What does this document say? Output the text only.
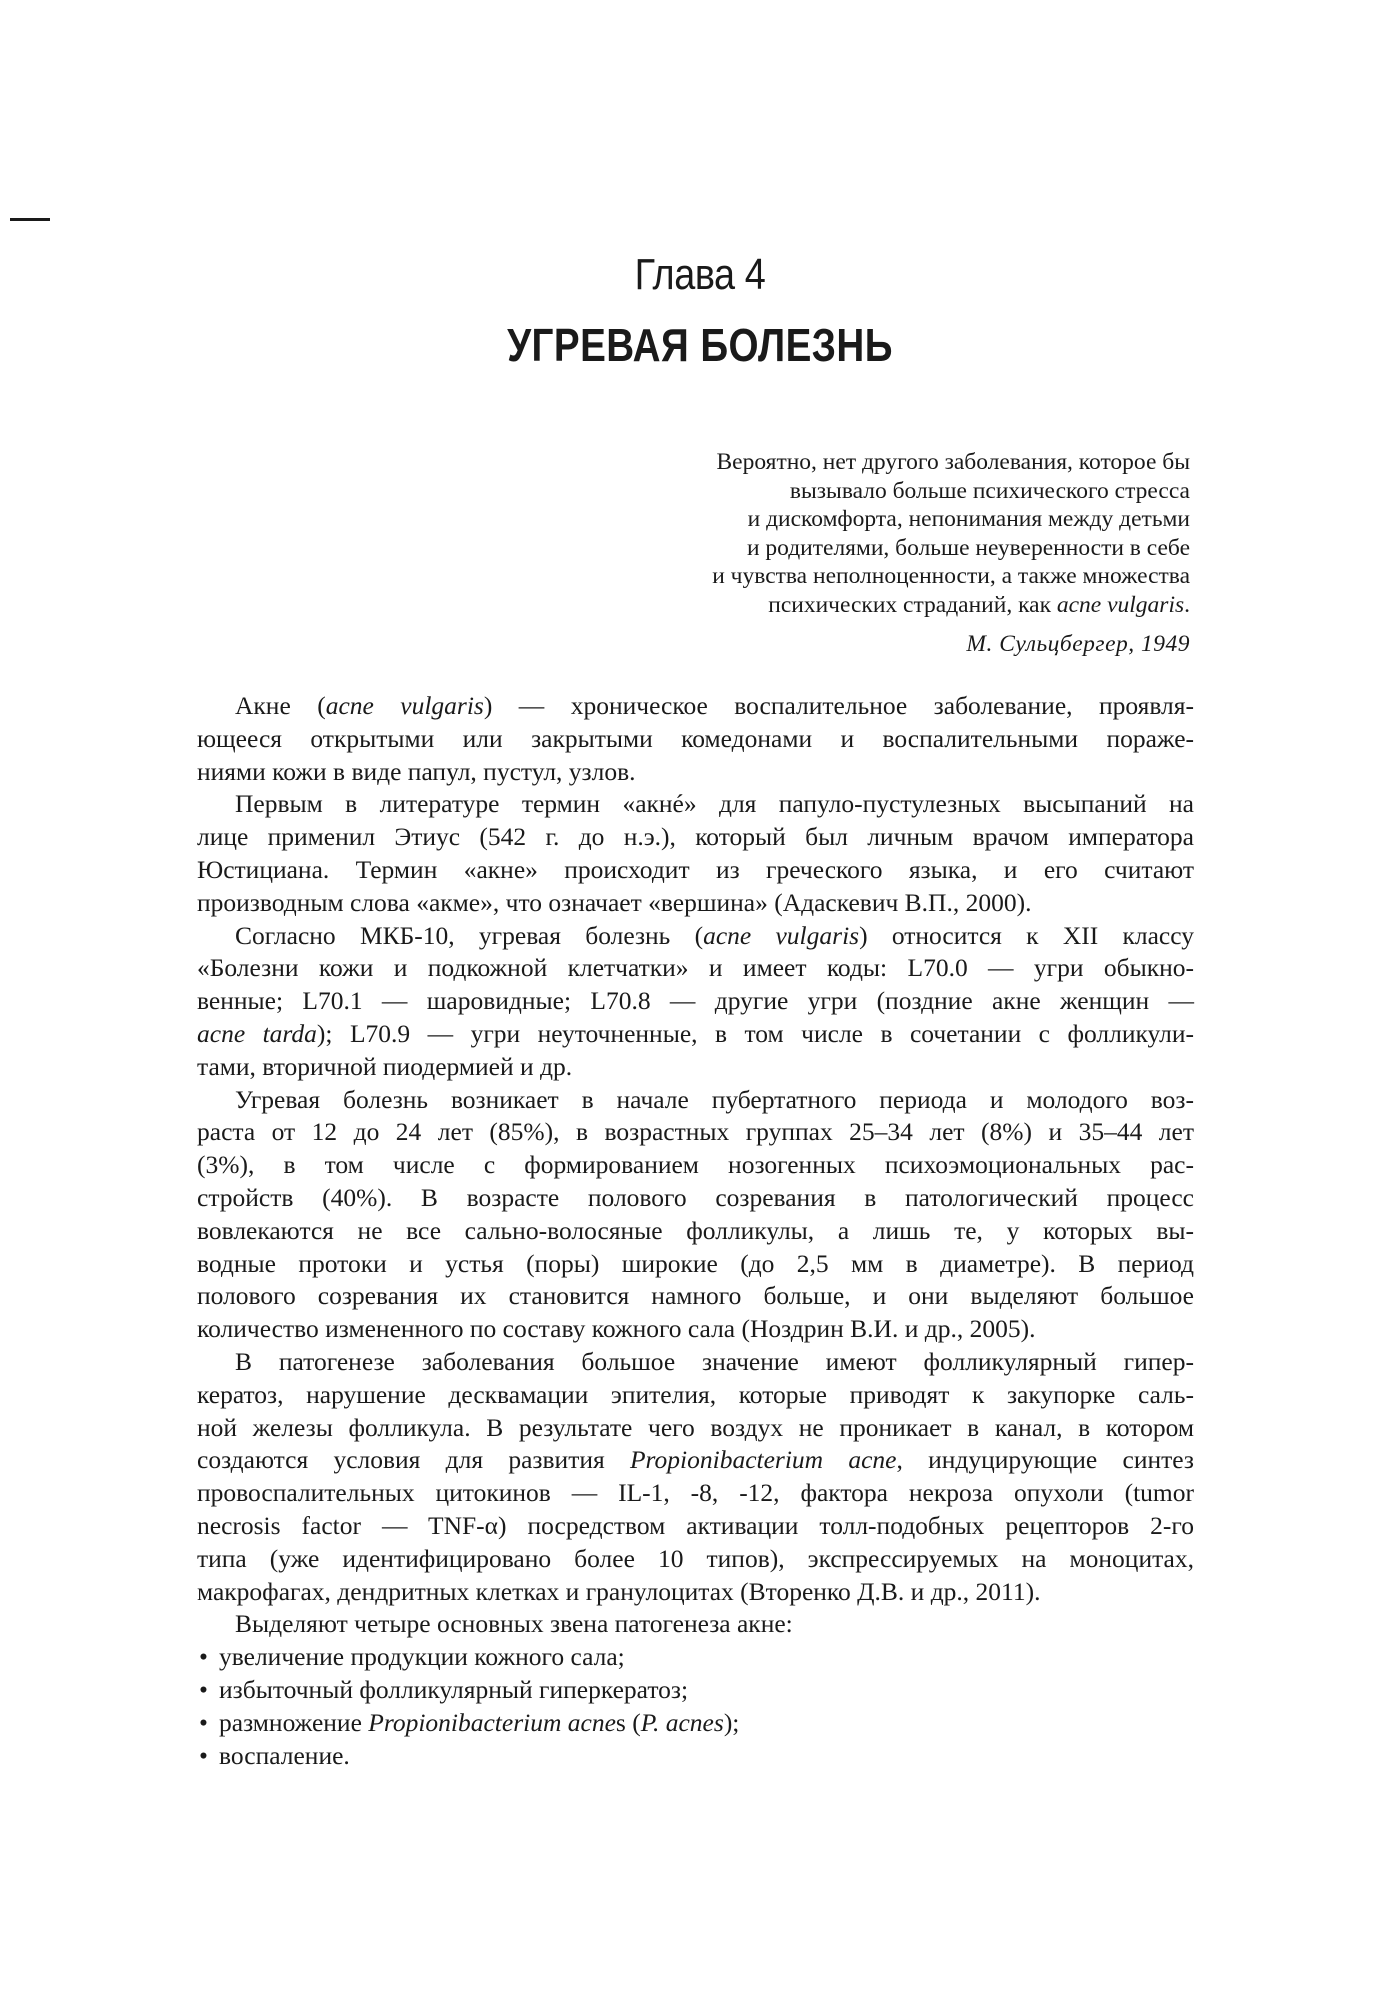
Глава 4
УГРЕВАЯ БОЛЕЗНЬ
Вероятно, нет другого заболевания, которое бы
вызывало больше психического стресса
и дискомфорта, непонимания между детьми
и родителями, больше неуверенности в себе
и чувства неполноценности, а также множества
психических страданий, как acne vulgaris.
М. Сульцбергер, 1949
Акне (acne vulgaris) — хроническое воспалительное заболевание, проявля-
ющееся открытыми или закрытыми комедонами и воспалительными пораже-
ниями кожи в виде папул, пустул, узлов.
Первым в литературе термин «акнé» для папуло-пустулезных высыпаний на
лице применил Этиус (542 г. до н.э.), который был личным врачом императора
Юстициана. Термин «акне» происходит из греческого языка, и его считают
производным слова «акме», что означает «вершина» (Адаскевич В.П., 2000).
Согласно МКБ-10, угревая болезнь (acne vulgaris) относится к XII классу
«Болезни кожи и подкожной клетчатки» и имеет коды: L70.0 — угри обыкно-
венные; L70.1 — шаровидные; L70.8 — другие угри (поздние акне женщин —
acne tarda); L70.9 — угри неуточненные, в том числе в сочетании с фолликули-
тами, вторичной пиодермией и др.
Угревая болезнь возникает в начале пубертатного периода и молодого воз-
раста от 12 до 24 лет (85%), в возрастных группах 25–34 лет (8%) и 35–44 лет
(3%), в том числе с формированием нозогенных психоэмоциональных рас-
стройств (40%). В возрасте полового созревания в патологический процесс
вовлекаются не все сально-волосяные фолликулы, а лишь те, у которых вы-
водные протоки и устья (поры) широкие (до 2,5 мм в диаметре). В период
полового созревания их становится намного больше, и они выделяют большое
количество измененного по составу кожного сала (Ноздрин В.И. и др., 2005).
В патогенезе заболевания большое значение имеют фолликулярный гипер-
кератоз, нарушение десквамации эпителия, которые приводят к закупорке саль-
ной железы фолликула. В результате чего воздух не проникает в канал, в котором
создаются условия для развития Propionibacterium acne, индуцирующие синтез
провоспалительных цитокинов — IL-1, -8, -12, фактора некроза опухоли (tumor
necrosis factor — TNF-α) посредством активации толл-подобных рецепторов 2-го
типа (уже идентифицировано более 10 типов), экспрессируемых на моноцитах,
макрофагах, дендритных клетках и гранулоцитах (Вторенко Д.В. и др., 2011).
Выделяют четыре основных звена патогенеза акне:
• увеличение продукции кожного сала;
• избыточный фолликулярный гиперкератоз;
• размножение Propionibacterium acnes (P. acnes);
• воспаление.
